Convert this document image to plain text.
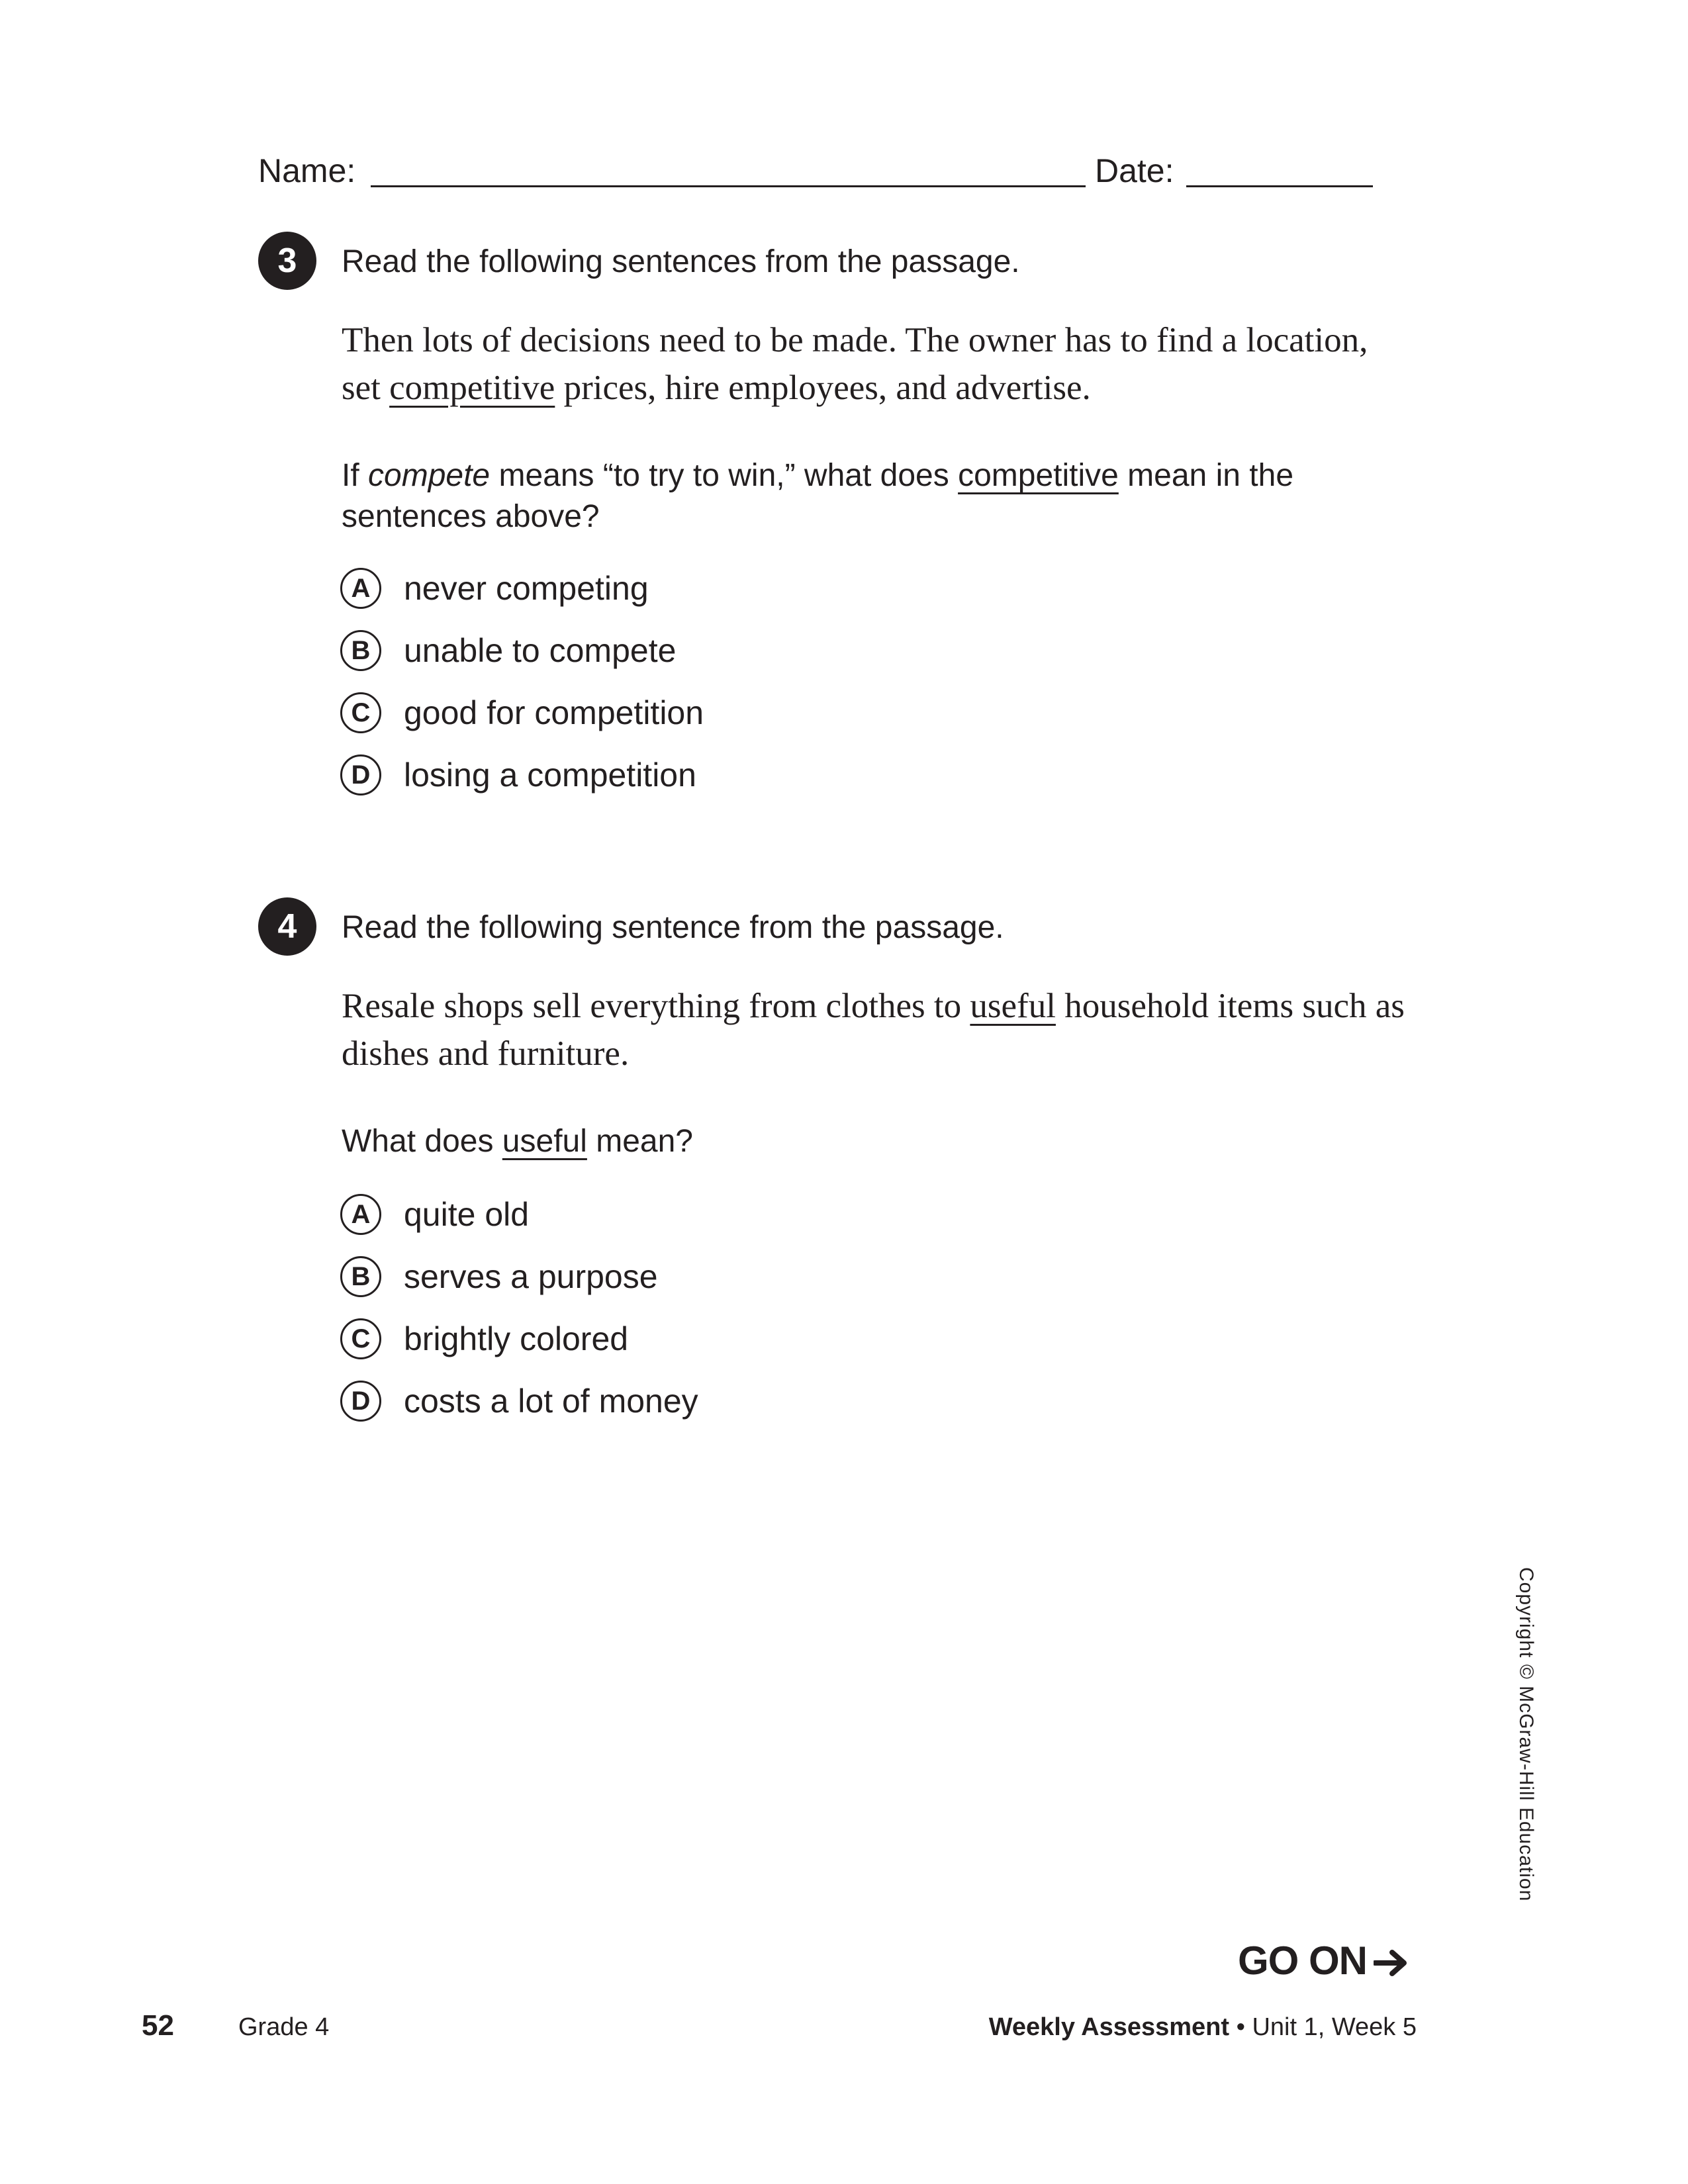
Name:	Date:
3	Read the following sentences from the passage.
Then lots of decisions need to be made. The owner has to find a location, set competitive prices, hire employees, and advertise.
If compete means “to try to win,” what does competitive mean in the sentences above?
A	never competing
B	unable to compete
C	good for competition
D	losing a competition
4	Read the following sentence from the passage.
Resale shops sell everything from clothes to useful household items such as dishes and furniture.
What does useful mean?
A	quite old
B	serves a purpose
C	brightly colored
D	costs a lot of money
Copyright © McGraw-Hill Education
GO ON
52	Grade 4	Weekly Assessment • Unit 1, Week 5
